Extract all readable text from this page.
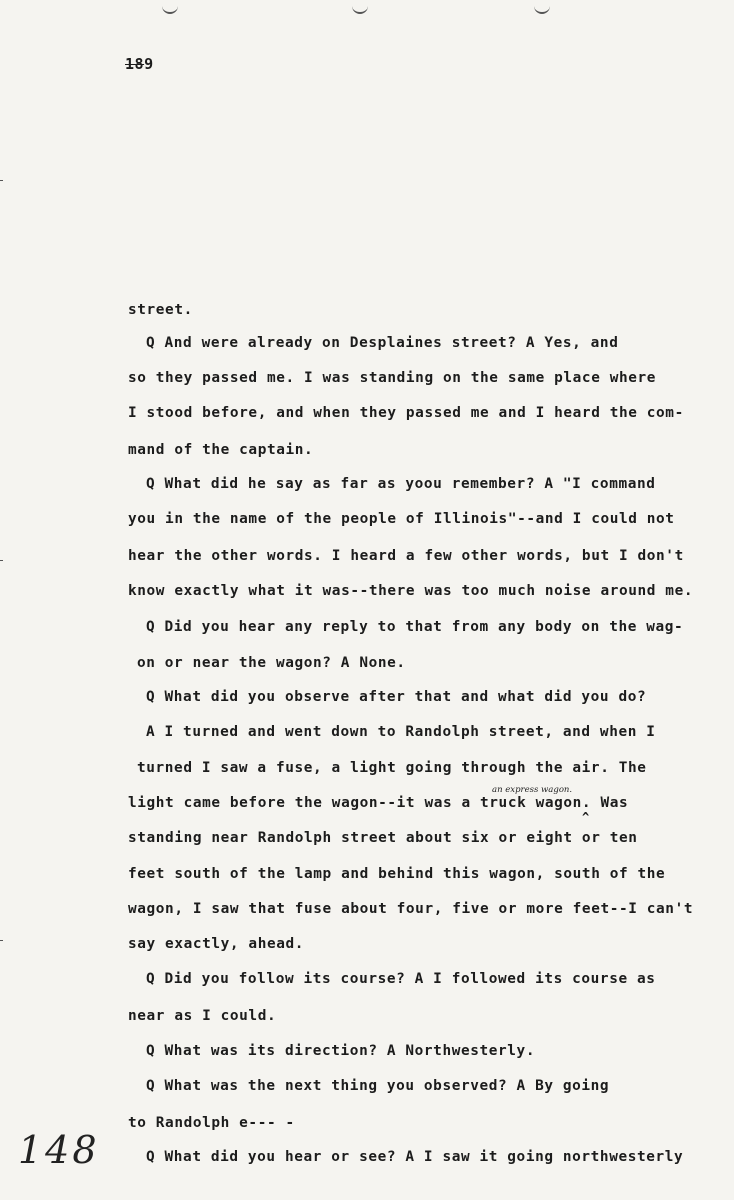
189
street.
Q And were already on Desplaines street? A Yes, and
so they passed me. I was standing on the same place where
I stood before, and when they passed me and I heard the com-
mand of the captain.
Q What did he say as far as yoou remember? A "I command
you in the name of the people of Illinois"--and I could not
hear the other words. I heard a few other words, but I don't
know exactly what it was--there was too much noise around me.
Q Did you hear any reply to that from any body on the wag-
on or near the wagon? A None.
Q What did you observe after that and what did you do?
A I turned and went down to Randolph street, and when I
turned I saw a fuse, a light going through the air. The
an express wagon.
light came before the wagon--it was a truck wagon. Was
^
standing near Randolph street about six or eight or ten
feet south of the lamp and behind this wagon, south of the
wagon, I saw that fuse about four, five or more feet--I can't
say exactly, ahead.
Q Did you follow its course? A I followed its course as
near as I could.
Q What was its direction? A Northwesterly.
Q What was the next thing you observed? A By going
to Randolph e--- -
Q What did you hear or see? A I saw it going northwesterly
148
